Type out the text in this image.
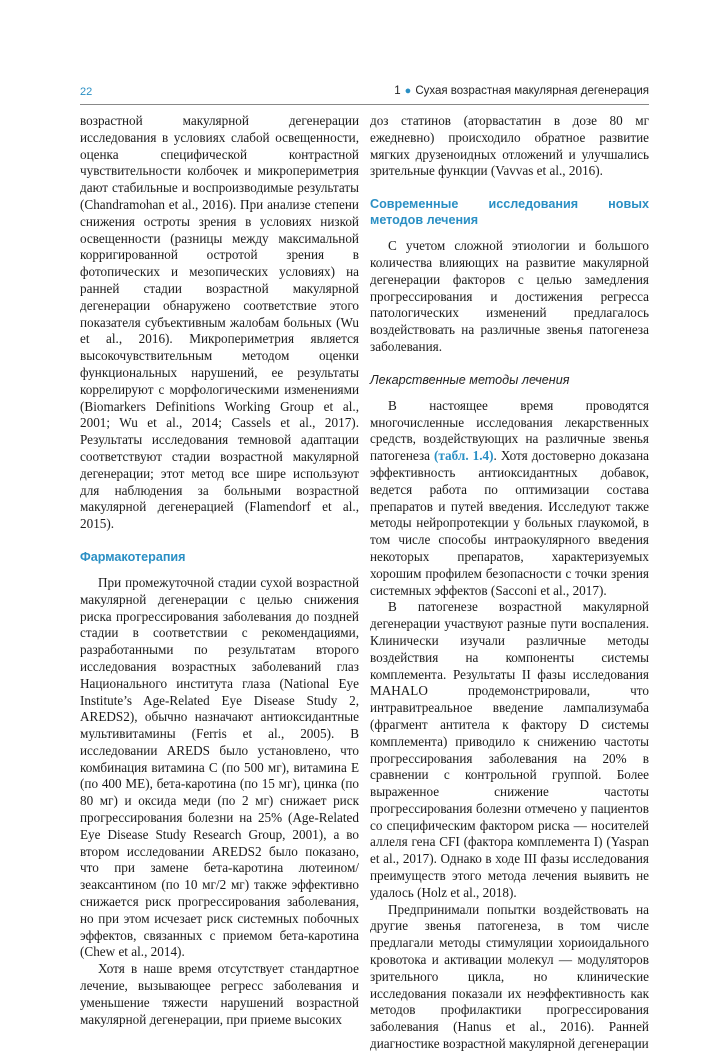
22	1 ● Сухая возрастная макулярная дегенерация

возрастной макулярной дегенерации исследования в условиях слабой освещенности, оценка специфической контрастной чувствительности колбочек и микропериметрия дают стабильные и воспроизводимые результаты (Chandramohan et al., 2016). При анализе степени снижения остроты зрения в условиях низкой освещенности (разницы между максимальной корригированной остротой зрения в фотопических и мезопических условиях) на ранней стадии возрастной макулярной дегенерации обнаружено соответствие этого показателя субъективным жалобам больных (Wu et al., 2016). Микропериметрия является высокочувствительным методом оценки функциональных нарушений, ее результаты коррелируют с морфологическими изменениями (Biomarkers Definitions Working Group et al., 2001; Wu et al., 2014; Cassels et al., 2017). Результаты исследования темновой адаптации соответствуют стадии возрастной макулярной дегенерации; этот метод все шире используют для наблюдения за больными возрастной макулярной дегенерацией (Flamendorf et al., 2015).

Фармакотерапия

При промежуточной стадии сухой возрастной макулярной дегенерации с целью снижения риска прогрессирования заболевания до поздней стадии в соответствии с рекомендациями, разработанными по результатам второго исследования возрастных заболеваний глаз Национального института глаза (National Eye Institute’s Age-Related Eye Disease Study 2, AREDS2), обычно назначают антиоксидантные мультивитамины (Ferris et al., 2005). В исследовании AREDS было установлено, что комбинация витамина C (по 500 мг), витамина E (по 400 МЕ), бета-каротина (по 15 мг), цинка (по 80 мг) и оксида меди (по 2 мг) снижает риск прогрессирования болезни на 25% (Age-Related Eye Disease Study Research Group, 2001), а во втором исследовании AREDS2 было показано, что при замене бета-каротина лютеином/зеаксантином (по 10 мг/2 мг) также эффективно снижается риск прогрессирования заболевания, но при этом исчезает риск системных побочных эффектов, связанных с приемом бета-каротина (Chew et al., 2014).

Хотя в наше время отсутствует стандартное лечение, вызывающее регресс заболевания и уменьшение тяжести нарушений возрастной макулярной дегенерации, при приеме высоких

доз статинов (аторвастатин в дозе 80 мг ежедневно) происходило обратное развитие мягких друзеноидных отложений и улучшались зрительные функции (Vavvas et al., 2016).

Современные исследования новых методов лечения

С учетом сложной этиологии и большого количества влияющих на развитие макулярной дегенерации факторов с целью замедления прогрессирования и достижения регресса патологических изменений предлагалось воздействовать на различные звенья патогенеза заболевания.

Лекарственные методы лечения

В настоящее время проводятся многочисленные исследования лекарственных средств, воздействующих на различные звенья патогенеза (табл. 1.4). Хотя достоверно доказана эффективность антиоксидантных добавок, ведется работа по оптимизации состава препаратов и путей введения. Исследуют также методы нейропротекции у больных глаукомой, в том числе способы интраокулярного введения некоторых препаратов, характеризуемых хорошим профилем безопасности с точки зрения системных эффектов (Sacconi et al., 2017).

В патогенезе возрастной макулярной дегенерации участвуют разные пути воспаления. Клинически изучали различные методы воздействия на компоненты системы комплемента. Результаты II фазы исследования MAHALO продемонстрировали, что интравитреальное введение лампализумаба (фрагмент антитела к фактору D системы комплемента) приводило к снижению частоты прогрессирования заболевания на 20% в сравнении с контрольной группой. Более выраженное снижение частоты прогрессирования болезни отмечено у пациентов со специфическим фактором риска — носителей аллеля гена CFI (фактора комплемента I) (Yaspan et al., 2017). Однако в ходе III фазы исследования преимуществ этого метода лечения выявить не удалось (Holz et al., 2018).

Предпринимали попытки воздействовать на другие звенья патогенеза, в том числе предлагали методы стимуляции хориоидального кровотока и активации молекул — модуляторов зрительного цикла, но клинические исследования показали их неэффективность как методов профилактики прогрессирования заболевания (Hanus et al., 2016). Ранней диагностике возрастной макулярной дегенерации
